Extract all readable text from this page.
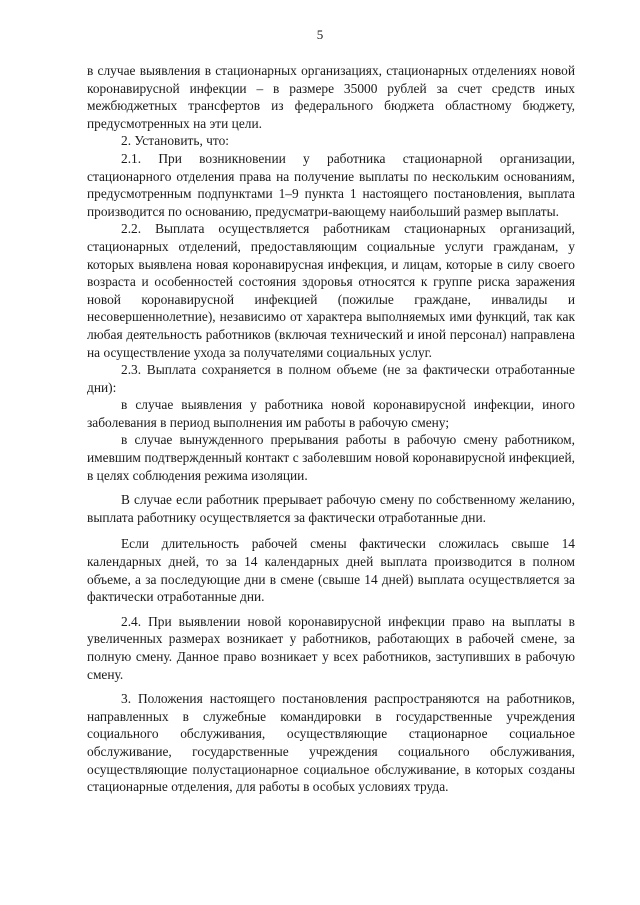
5

в случае выявления в стационарных организациях, стационарных отделениях новой коронавирусной инфекции – в размере 35000 рублей за счет средств иных межбюджетных трансфертов из федерального бюджета областному бюджету, предусмотренных на эти цели.

2. Установить, что:

2.1. При возникновении у работника стационарной организации, стационарного отделения права на получение выплаты по нескольким основаниям, предусмотренным подпунктами 1–9 пункта 1 настоящего постановления, выплата производится по основанию, предусматри-вающему наибольший размер выплаты.

2.2. Выплата осуществляется работникам стационарных организаций, стационарных отделений, предоставляющим социальные услуги гражданам, у которых выявлена новая коронавирусная инфекция, и лицам, которые в силу своего возраста и особенностей состояния здоровья относятся к группе риска заражения новой коронавирусной инфекцией (пожилые граждане, инвалиды и несовершеннолетние), независимо от характера выполняемых ими функций, так как любая деятельность работников (включая технический и иной персонал) направлена на осуществление ухода за получателями социальных услуг.

2.3. Выплата сохраняется в полном объеме (не за фактически отработанные дни):

в случае выявления у работника новой коронавирусной инфекции, иного заболевания в период выполнения им работы в рабочую смену;

в случае вынужденного прерывания работы в рабочую смену работником, имевшим подтвержденный контакт с заболевшим новой коронавирусной инфекцией, в целях соблюдения режима изоляции.

В случае если работник прерывает рабочую смену по собственному желанию, выплата работнику осуществляется за фактически отработанные дни.

Если длительность рабочей смены фактически сложилась свыше 14 календарных дней, то за 14 календарных дней выплата производится в полном объеме, а за последующие дни в смене (свыше 14 дней) выплата осуществляется за фактически отработанные дни.

2.4. При выявлении новой коронавирусной инфекции право на выплаты в увеличенных размерах возникает у работников, работающих в рабочей смене, за полную смену. Данное право возникает у всех работников, заступивших в рабочую смену.

3. Положения настоящего постановления распространяются на работников, направленных в служебные командировки в государственные учреждения социального обслуживания, осуществляющие стационарное социальное обслуживание, государственные учреждения социального обслуживания, осуществляющие полустационарное социальное обслуживание, в которых созданы стационарные отделения, для работы в особых условиях труда.
